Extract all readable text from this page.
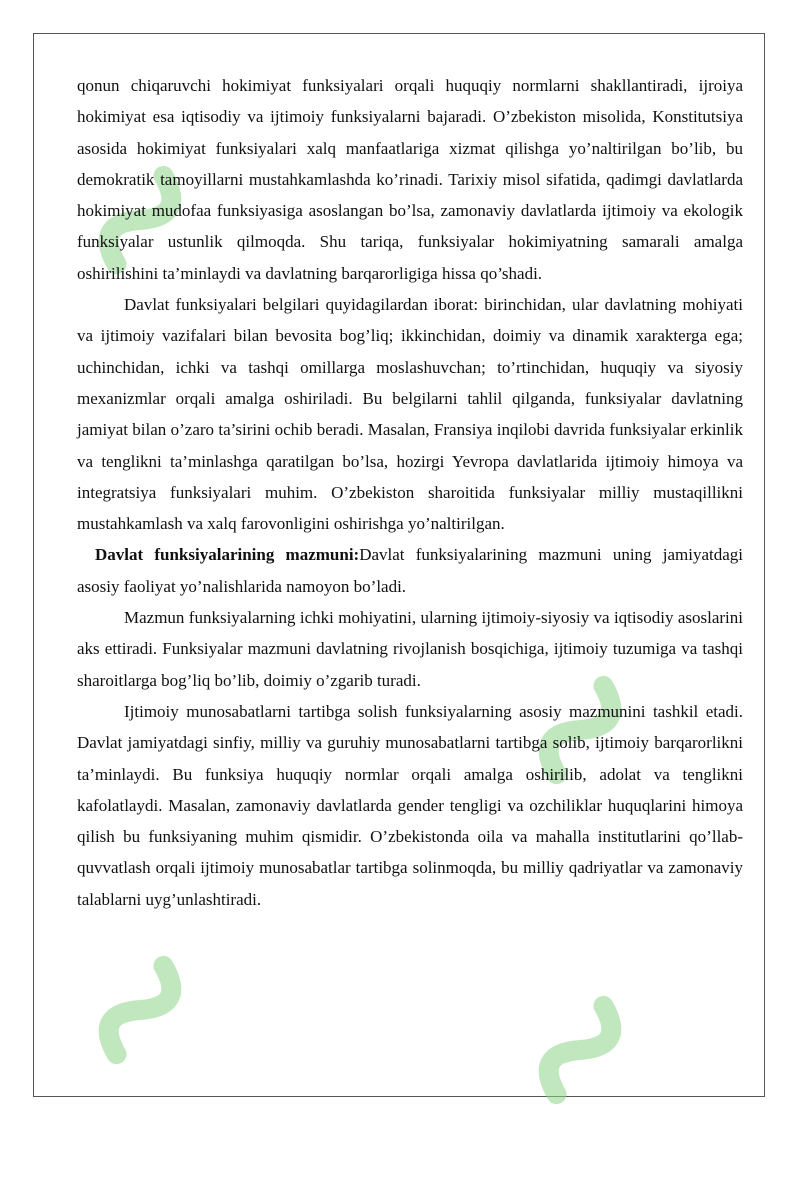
qonun chiqaruvchi hokimiyat funksiyalari orqali huquqiy normlarni shakllantiradi, ijroiya hokimiyat esa iqtisodiy va ijtimoiy funksiyalarni bajaradi. O’zbekiston misolida, Konstitutsiya asosida hokimiyat funksiyalari xalq manfaatlariga xizmat qilishga yo’naltirilgan bo’lib, bu demokratik tamoyillarni mustahkamlashda ko’rinadi. Tarixiy misol sifatida, qadimgi davlatlarda hokimiyat mudofaa funksiyasiga asoslangan bo’lsa, zamonaviy davlatlarda ijtimoiy va ekologik funksiyalar ustunlik qilmoqda. Shu tariqa, funksiyalar hokimiyatning samarali amalga oshirilishini ta’minlaydi va davlatning barqarorligiga hissa qo’shadi.

Davlat funksiyalari belgilari quyidagilardan iborat: birinchidan, ular davlatning mohiyati va ijtimoiy vazifalari bilan bevosita bog’liq; ikkinchidan, doimiy va dinamik xarakterga ega; uchinchidan, ichki va tashqi omillarga moslashuvchan; to’rtinchidan, huquqiy va siyosiy mexanizmlar orqali amalga oshiriladi. Bu belgilarni tahlil qilganda, funksiyalar davlatning jamiyat bilan o’zaro ta’sirini ochib beradi. Masalan, Fransiya inqilobi davrida funksiyalar erkinlik va tenglikni ta’minlashga qaratilgan bo’lsa, hozirgi Yevropa davlatlarida ijtimoiy himoya va integratsiya funksiyalari muhim. O’zbekiston sharoitida funksiyalar milliy mustaqillikni mustahkamlash va xalq farovonligini oshirishga yo’naltirilgan.

Davlat funksiyalarining mazmuni:Davlat funksiyalarining mazmuni uning jamiyatdagi asosiy faoliyat yo’nalishlarida namoyon bo’ladi.

Mazmun funksiyalarning ichki mohiyatini, ularning ijtimoiy-siyosiy va iqtisodiy asoslarini aks ettiradi. Funksiyalar mazmuni davlatning rivojlanish bosqichiga, ijtimoiy tuzumiga va tashqi sharoitlarga bog’liq bo’lib, doimiy o’zgarib turadi.

Ijtimoiy munosabatlarni tartibga solish funksiyalarning asosiy mazmunini tashkil etadi. Davlat jamiyatdagi sinfiy, milliy va guruhiy munosabatlarni tartibga solib, ijtimoiy barqarorlikni ta’minlaydi. Bu funksiya huquqiy normlar orqali amalga oshirilib, adolat va tenglikni kafolatlaydi. Masalan, zamonaviy davlatlarda gender tengligi va ozchiliklar huquqlarini himoya qilish bu funksiyaning muhim qismidir. O’zbekistonda oila va mahalla institutlarini qo’llab-quvvatlash orqali ijtimoiy munosabatlar tartibga solinmoqda, bu milliy qadriyatlar va zamonaviy talablarni uyg’unlashtiradi.
